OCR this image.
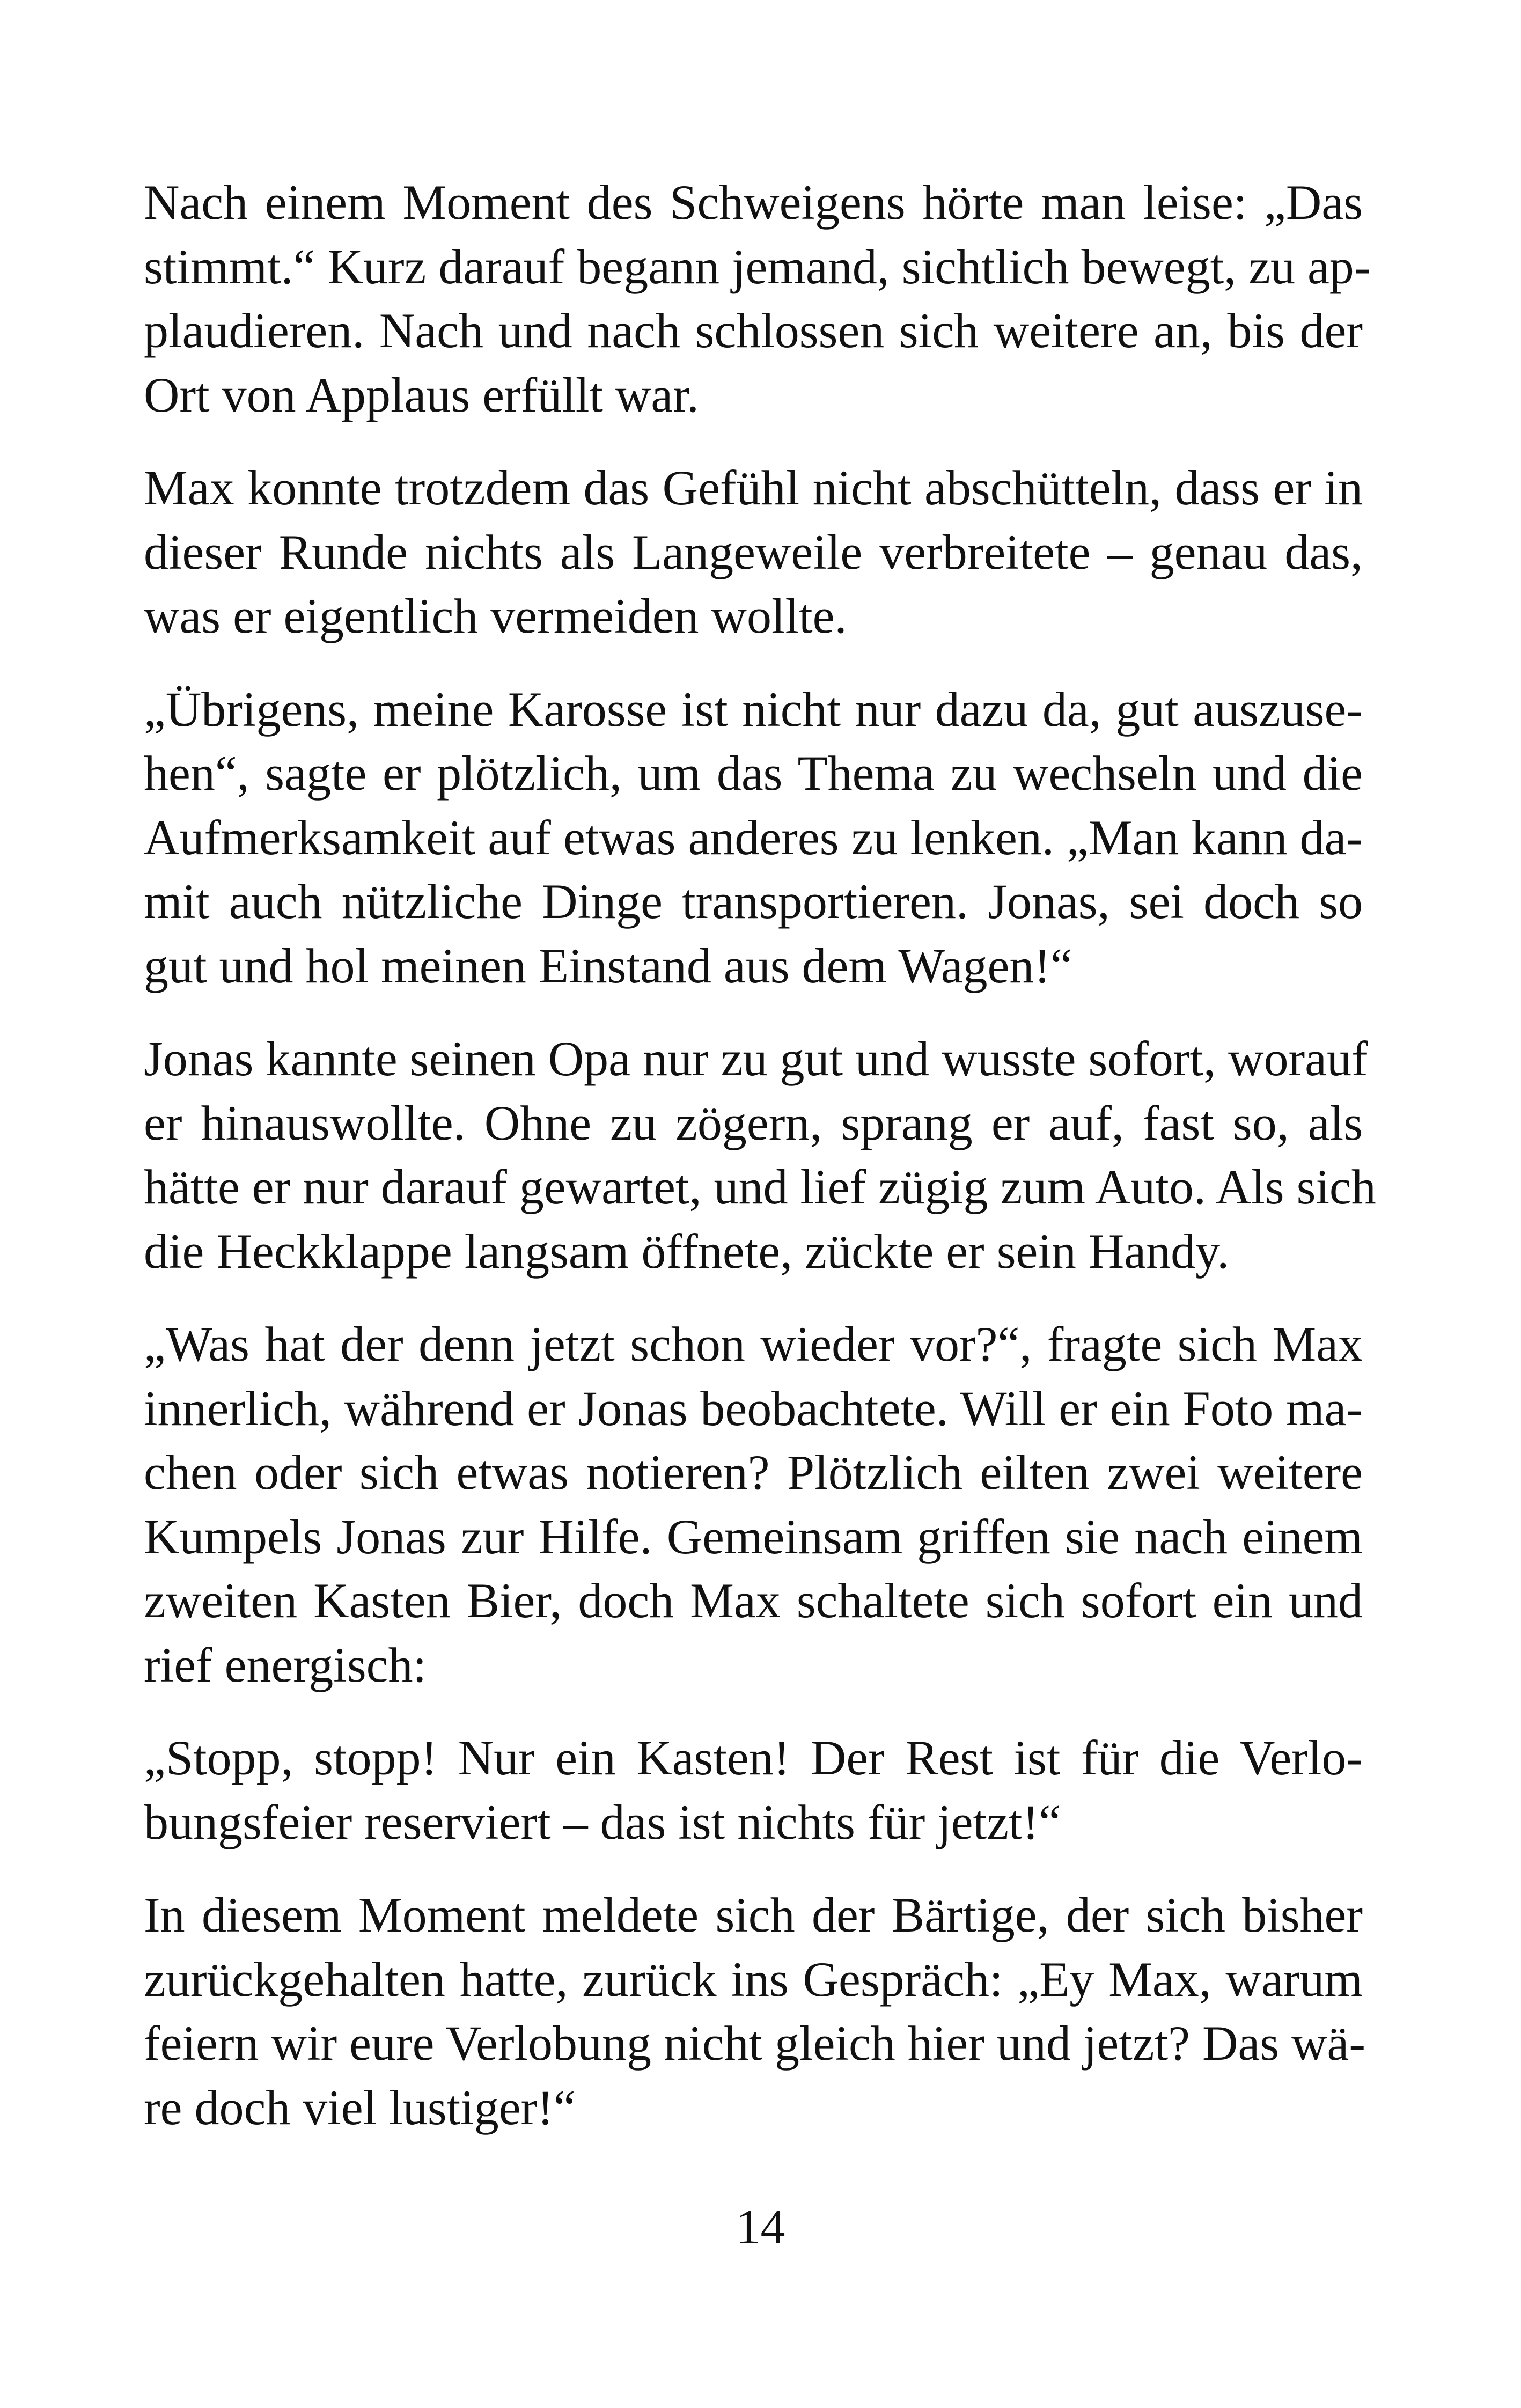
Nach einem Moment des Schweigens hörte man leise: „Das
stimmt.“ Kurz darauf begann jemand, sichtlich bewegt, zu ap-
plaudieren. Nach und nach schlossen sich weitere an, bis der
Ort von Applaus erfüllt war.

Max konnte trotzdem das Gefühl nicht abschütteln, dass er in
dieser Runde nichts als Langeweile verbreitete – genau das,
was er eigentlich vermeiden wollte.

„Übrigens, meine Karosse ist nicht nur dazu da, gut auszuse-
hen“, sagte er plötzlich, um das Thema zu wechseln und die
Aufmerksamkeit auf etwas anderes zu lenken. „Man kann da-
mit auch nützliche Dinge transportieren. Jonas, sei doch so
gut und hol meinen Einstand aus dem Wagen!“

Jonas kannte seinen Opa nur zu gut und wusste sofort, worauf
er hinauswollte. Ohne zu zögern, sprang er auf, fast so, als
hätte er nur darauf gewartet, und lief zügig zum Auto. Als sich
die Heckklappe langsam öffnete, zückte er sein Handy.

„Was hat der denn jetzt schon wieder vor?“, fragte sich Max
innerlich, während er Jonas beobachtete. Will er ein Foto ma-
chen oder sich etwas notieren? Plötzlich eilten zwei weitere
Kumpels Jonas zur Hilfe. Gemeinsam griffen sie nach einem
zweiten Kasten Bier, doch Max schaltete sich sofort ein und
rief energisch:

„Stopp, stopp! Nur ein Kasten! Der Rest ist für die Verlo-
bungsfeier reserviert – das ist nichts für jetzt!“

In diesem Moment meldete sich der Bärtige, der sich bisher
zurückgehalten hatte, zurück ins Gespräch: „Ey Max, warum
feiern wir eure Verlobung nicht gleich hier und jetzt? Das wä-
re doch viel lustiger!“

14
